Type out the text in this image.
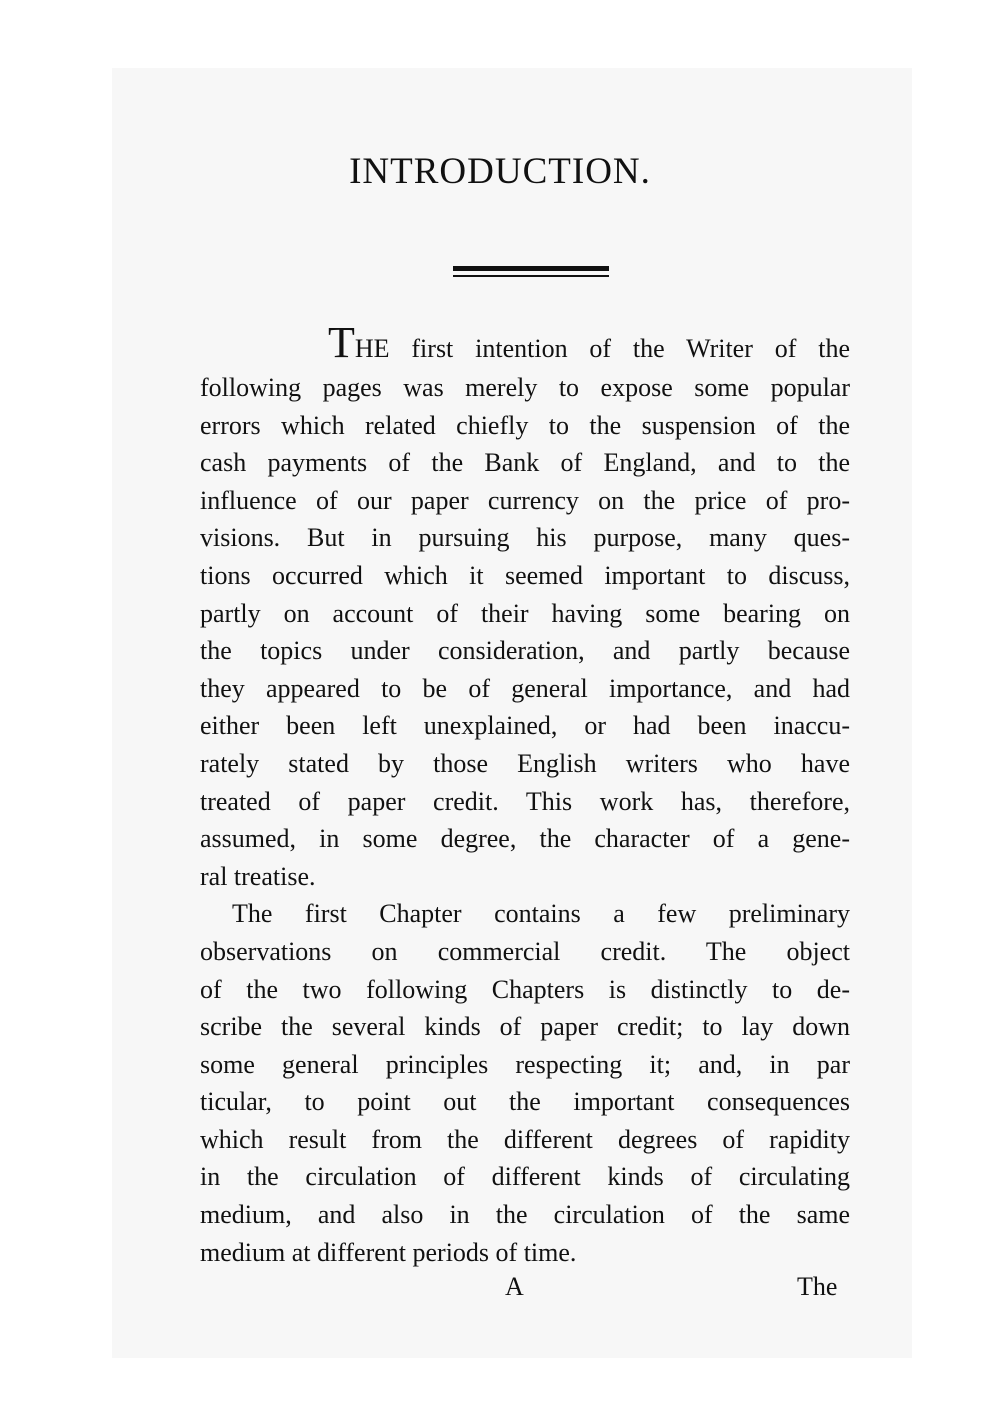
INTRODUCTION.
THE first intention of the Writer of the
following pages was merely to expose some popular
errors which related chiefly to the suspension of the
cash payments of the Bank of England, and to the
influence of our paper currency on the price of pro-
visions. But in pursuing his purpose, many ques-
tions occurred which it seemed important to discuss,
partly on account of their having some bearing on
the topics under consideration, and partly because
they appeared to be of general importance, and had
either been left unexplained, or had been inaccu-
rately stated by those English writers who have
treated of paper credit. This work has, therefore,
assumed, in some degree, the character of a gene-
ral treatise.
The first Chapter contains a few preliminary
observations on commercial credit. The object
of the two following Chapters is distinctly to de-
scribe the several kinds of paper credit; to lay down
some general principles respecting it; and, in par
ticular, to point out the important consequences
which result from the different degrees of rapidity
in the circulation of different kinds of circulating
medium, and also in the circulation of the same
medium at different periods of time.
A	The
